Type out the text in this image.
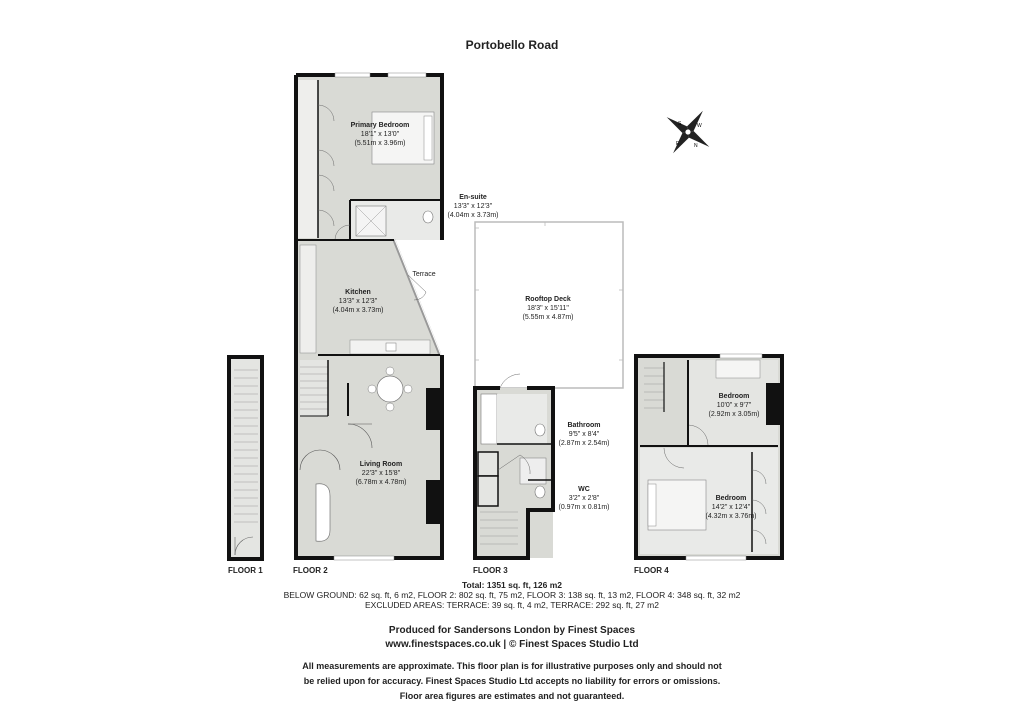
Portobello Road
S	W
E	N
Primary Bedroom
18'1" x 13'0"
(5.51m x 3.96m)
En-suite
13'3" x 12'3"
(4.04m x 3.73m)
Kitchen
13'3" x 12'3"
(4.04m x 3.73m)
Terrace
Living Room
22'3" x 15'8"
(6.78m x 4.78m)
Rooftop Deck
18'3" x 15'11"
(5.55m x 4.87m)
Bathroom
9'5" x 8'4"
(2.87m x 2.54m)
WC
3'2" x 2'8"
(0.97m x 0.81m)
Bedroom
10'0" x 9'7"
(2.92m x 3.05m)
Bedroom
14'2" x 12'4"
(4.32m x 3.76m)
FLOOR 1	FLOOR 2	FLOOR 3	FLOOR 4
Total: 1351 sq. ft, 126 m2
BELOW GROUND: 62 sq. ft, 6 m2, FLOOR 2: 802 sq. ft, 75 m2, FLOOR 3: 138 sq. ft, 13 m2, FLOOR 4: 348 sq. ft, 32 m2
EXCLUDED AREAS: TERRACE: 39 sq. ft, 4 m2, TERRACE: 292 sq. ft, 27 m2
Produced for Sandersons London by Finest Spaces
www.finestspaces.co.uk | © Finest Spaces Studio Ltd
All measurements are approximate. This floor plan is for illustrative purposes only and should not
be relied upon for accuracy. Finest Spaces Studio Ltd accepts no liability for errors or omissions.
Floor area figures are estimates and not guaranteed.
